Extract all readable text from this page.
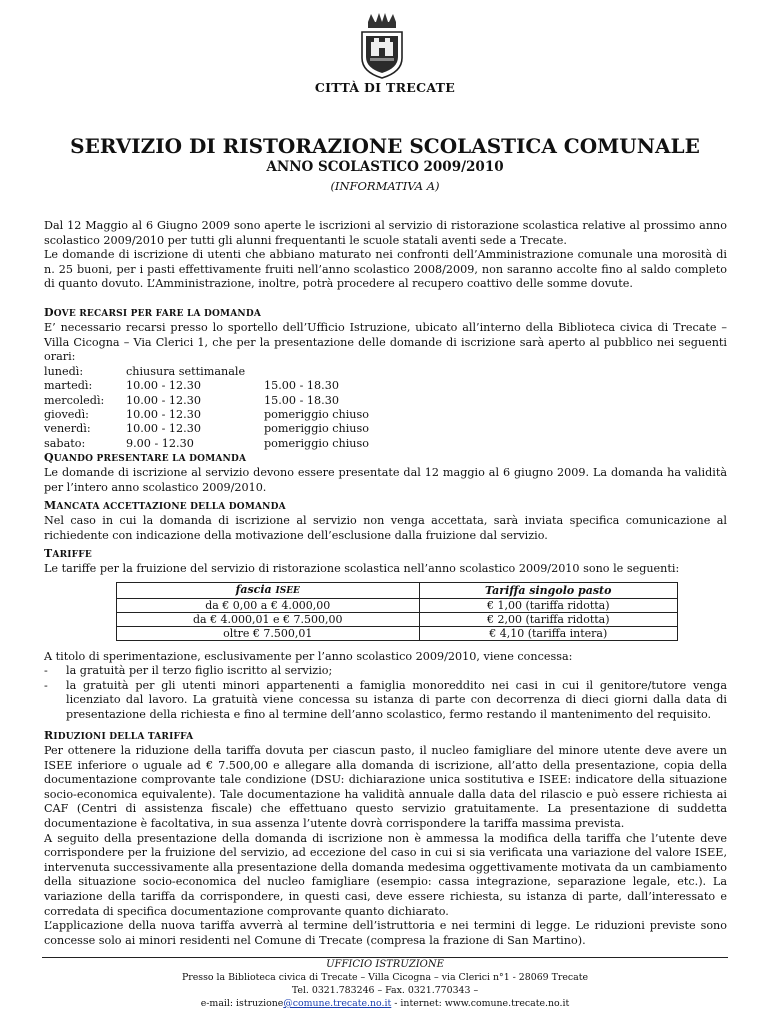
CITTÀ DI TRECATE
SERVIZIO DI RISTORAZIONE SCOLASTICA COMUNALE
ANNO SCOLASTICO 2009/2010
(INFORMATIVA A)

Dal 12 Maggio al 6 Giugno 2009 sono aperte le iscrizioni al servizio di ristorazione scolastica relative al prossimo anno scolastico 2009/2010 per tutti gli alunni frequentanti le scuole statali aventi sede a Trecate.

Le domande di iscrizione di utenti che abbiano maturato nei confronti dell’Amministrazione comunale una morosità di n. 25 buoni, per i pasti effettivamente fruiti nell’anno scolastico 2008/2009, non saranno accolte fino al saldo completo di quanto dovuto. L’Amministrazione, inoltre, potrà procedere al recupero coattivo delle somme dovute.

DOVE RECARSI PER FARE LA DOMANDA

E’ necessario recarsi presso lo sportello dell’Ufficio Istruzione, ubicato all’interno della Biblioteca civica di Trecate – Villa Cicogna – Via Clerici 1, che per la presentazione delle domande di iscrizione sarà aperto al pubblico nei seguenti orari:

lunedì:	chiusura settimanale	
martedì:	10.00 - 12.30	15.00 - 18.30
mercoledì:	10.00 - 12.30	15.00 - 18.30
giovedì:	10.00 - 12.30	pomeriggio chiuso
venerdì:	10.00 - 12.30	pomeriggio chiuso
sabato:	9.00 - 12.30	pomeriggio chiuso

QUANDO PRESENTARE LA DOMANDA

Le domande di iscrizione al servizio devono essere presentate dal 12 maggio al 6 giugno 2009. La domanda ha validità per l’intero anno scolastico 2009/2010.

MANCATA ACCETTAZIONE DELLA DOMANDA

Nel caso in cui la domanda di iscrizione al servizio non venga accettata, sarà inviata specifica comunicazione al richiedente con indicazione della motivazione dell’esclusione dalla fruizione dal servizio.

TARIFFE

Le tariffe per la fruizione del servizio di ristorazione scolastica nell’anno scolastico 2009/2010 sono le seguenti:

fascia ISEE	Tariffa singolo pasto
da € 0,00 a € 4.000,00	€ 1,00 (tariffa ridotta)
da € 4.000,01 e € 7.500,00	€ 2,00 (tariffa ridotta)
oltre € 7.500,01	€ 4,10 (tariffa intera)

A titolo di sperimentazione, esclusivamente per l’anno scolastico 2009/2010, viene concessa:

-	la gratuità per il terzo figlio iscritto al servizio;
-	la gratuità per gli utenti minori appartenenti a famiglia monoreddito nei casi in cui il genitore/tutore venga licenziato dal lavoro. La gratuità viene concessa su istanza di parte con decorrenza di dieci giorni dalla data di presentazione della richiesta e fino al termine dell’anno scolastico, fermo restando il mantenimento del requisito.

RIDUZIONI DELLA TARIFFA

Per ottenere la riduzione della tariffa dovuta per ciascun pasto, il nucleo famigliare del minore utente deve avere un ISEE inferiore o uguale ad € 7.500,00 e allegare alla domanda di iscrizione, all’atto della presentazione, copia della documentazione comprovante tale condizione (DSU: dichiarazione unica sostitutiva e ISEE: indicatore della situazione socio-economica equivalente). Tale documentazione ha validità annuale dalla data del rilascio e può essere richiesta ai CAF (Centri di assistenza fiscale) che effettuano questo servizio gratuitamente. La presentazione di suddetta documentazione è facoltativa, in sua assenza l’utente dovrà corrispondere la tariffa massima prevista.

A seguito della presentazione della domanda di iscrizione non è ammessa la modifica della tariffa che l’utente deve corrispondere per la fruizione del servizio, ad eccezione del caso in cui si sia verificata una variazione del valore ISEE, intervenuta successivamente alla presentazione della domanda medesima oggettivamente motivata da un cambiamento della situazione socio-economica del nucleo famigliare (esempio: cassa integrazione, separazione legale, etc.). La variazione della tariffa da corrispondere, in questi casi, deve essere richiesta, su istanza di parte, dall’interessato e corredata di specifica documentazione comprovante quanto dichiarato.

L’applicazione della nuova tariffa avverrà al termine dell’istruttoria e nei termini di legge. Le riduzioni previste sono concesse solo ai minori residenti nel Comune di Trecate (compresa la frazione di San Martino).

UFFICIO ISTRUZIONE
Presso la Biblioteca civica di Trecate – Villa Cicogna – via Clerici n°1 - 28069 Trecate
Tel. 0321.783246 – Fax. 0321.770343 –
e-mail: istruzione@comune.trecate.no.it - internet: www.comune.trecate.no.it
